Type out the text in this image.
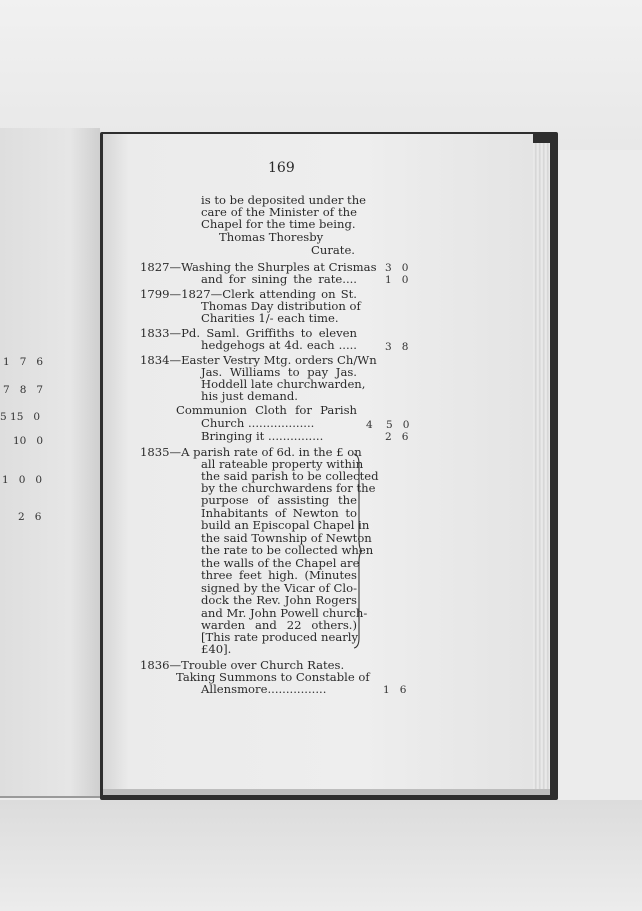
1 7 6
7 8 7
5 15 0
10 0
1 0 0
2 6
169
is to be deposited under the
care of the Minister of the
Chapel for the time being.
Thomas Thoresby
Curate.
1827—Washing the Shurples at Crismas
and for sining the rate....
3 0
1 0
1799—1827—Clerk attending on St.
Thomas Day distribution of
Charities 1/- each time.
1833—Pd. Saml. Griffiths to eleven
hedgehogs at 4d. each .....	3 8
1834—Easter Vestry Mtg. orders Ch/Wn
Jas. Williams to pay Jas.
Hoddell late churchwarden,
his just demand.
Communion Cloth for Parish
Church ..................
Bringing it ...............
4 5 0
2 6
1835—A parish rate of 6d. in the £ on
all rateable property within
the said parish to be collected
by the churchwardens for the
purpose of assisting the
Inhabitants of Newton to
build an Episcopal Chapel in
the said Township of Newton
the rate to be collected when
the walls of the Chapel are
three feet high. (Minutes
signed by the Vicar of Clo-
dock the Rev. John Rogers
and Mr. John Powell church-
warden and 22 others.)
[This rate produced nearly
£40].
1836—Trouble over Church Rates.
Taking Summons to Constable of
Allensmore................	1 6
